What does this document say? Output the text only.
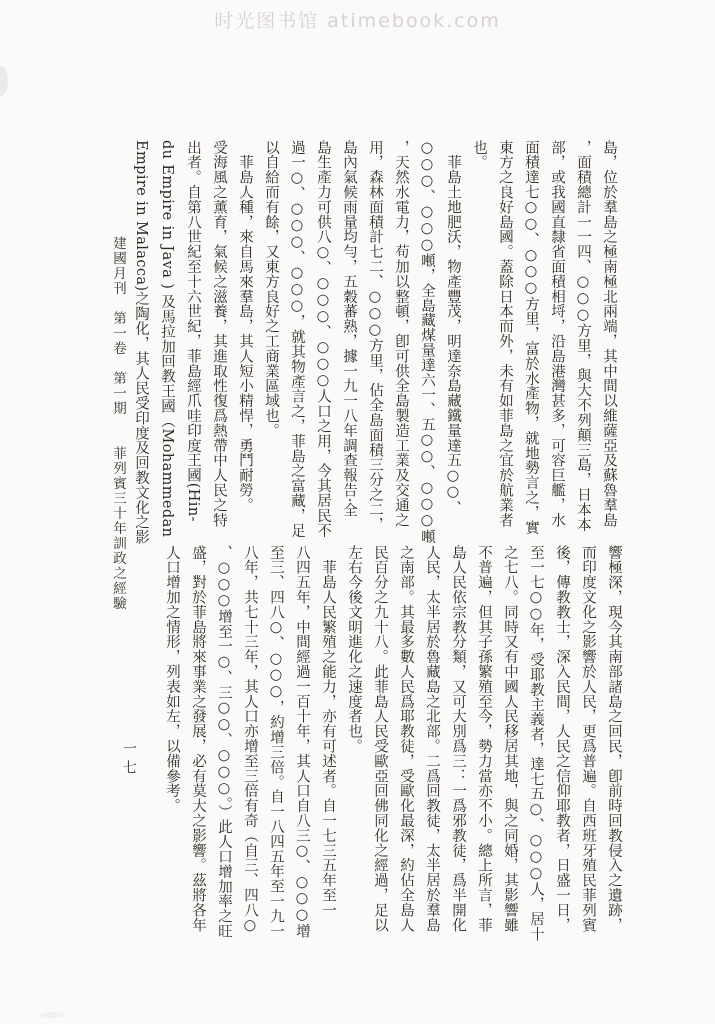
时光图书馆 atimebook.com
島，位於羣島之極南極北兩端，其中間以維薩亞及蘇魯羣島
，面積總計一一四、○○○方里，與大不列顛三島，日本本
部，或我國直隸省面積相埒，沿島港灣甚多，可容巨艦，水
面積達七○○、○○○方里，富於水產物，就地勢言之，實
東方之良好島國。蓋除日本而外，未有如菲島之宜於航業者
也。
　菲島土地肥沃，物產豐茂，明達奈島藏鐵量達五○○、
○○○、○○○噸，全島藏煤量達六一、五○○、○○○噸
，天然水電力，苟加以整頓，卽可供全島製造工業及交通之
用，森林面積計七二、○○○方里，佔全島面積三分之二，
島內氣候雨量均勻，五穀蕃熟，據一九一八年調查報告·全
島生產力可供八○、○○○、○○○人口之用，今其居民不
過一○、○○○、○○○，就其物產言之，菲島之富藏，足
以自給而有餘，又東方良好之工商業區域也。
　菲島人種，來自馬來羣島，其人短小精悍，勇鬥耐勞。
受海風之薰育，氣候之滋養，其進取性復爲熱帶中人民之特
出者。自第八世紀至十六世紀，菲島經爪哇印度王國(Hin-
du Empire in Java ) 及馬拉加回教王國（Mohammedan
Empire in Malacca)之陶化，其人民受印度及回教文化之影
響極深，現今其南部諸島之回民，卽前時回教侵入之遺跡，
而印度文化之影響於人民，更爲普遍。自西班牙殖民菲列賓
後，傳教教士，深入民間，人民之信仰耶教者，日盛一日，
至一七○○年，受耶教主義者，達七五○、○○○人，居十
之七八。同時又有中國人民移居其地，與之同婚，其影響雖
不普遍，但其子孫繁殖至今，勢力當亦不小。總上所言，菲
島人民依宗教分類，又可大別爲三：一爲邪教徒，爲半開化
人民，太半居於魯藏島之北部。二爲回教徒，太半居於羣島
之南部。其最多數人民爲耶教徒，受歐化最深，約佔全島人
民百分之九十八。此菲島人民受歐亞回佛同化之經過，足以
左右今後文明進化之速度者也。
　菲島人民繁殖之能力，亦有可述者。自一七三五年至一
八四五年，中間經過一百十年，其人口自八三○、○○○增
至三、四八○、○○○，約增三倍。自一八四五年至一九一
八年，共七十三年，其人口亦增至三倍有奇（自三、四八○
、○○○增至一○、三○○、○○○。）此人口增加率之旺
盛，對於菲島將來事業之發展，必有莫大之影響。茲將各年
人口增加之情形，列表如左，以備參考。
建國月刊　第一卷　第一期　　菲列賓三十年訓政之經驗
一七
